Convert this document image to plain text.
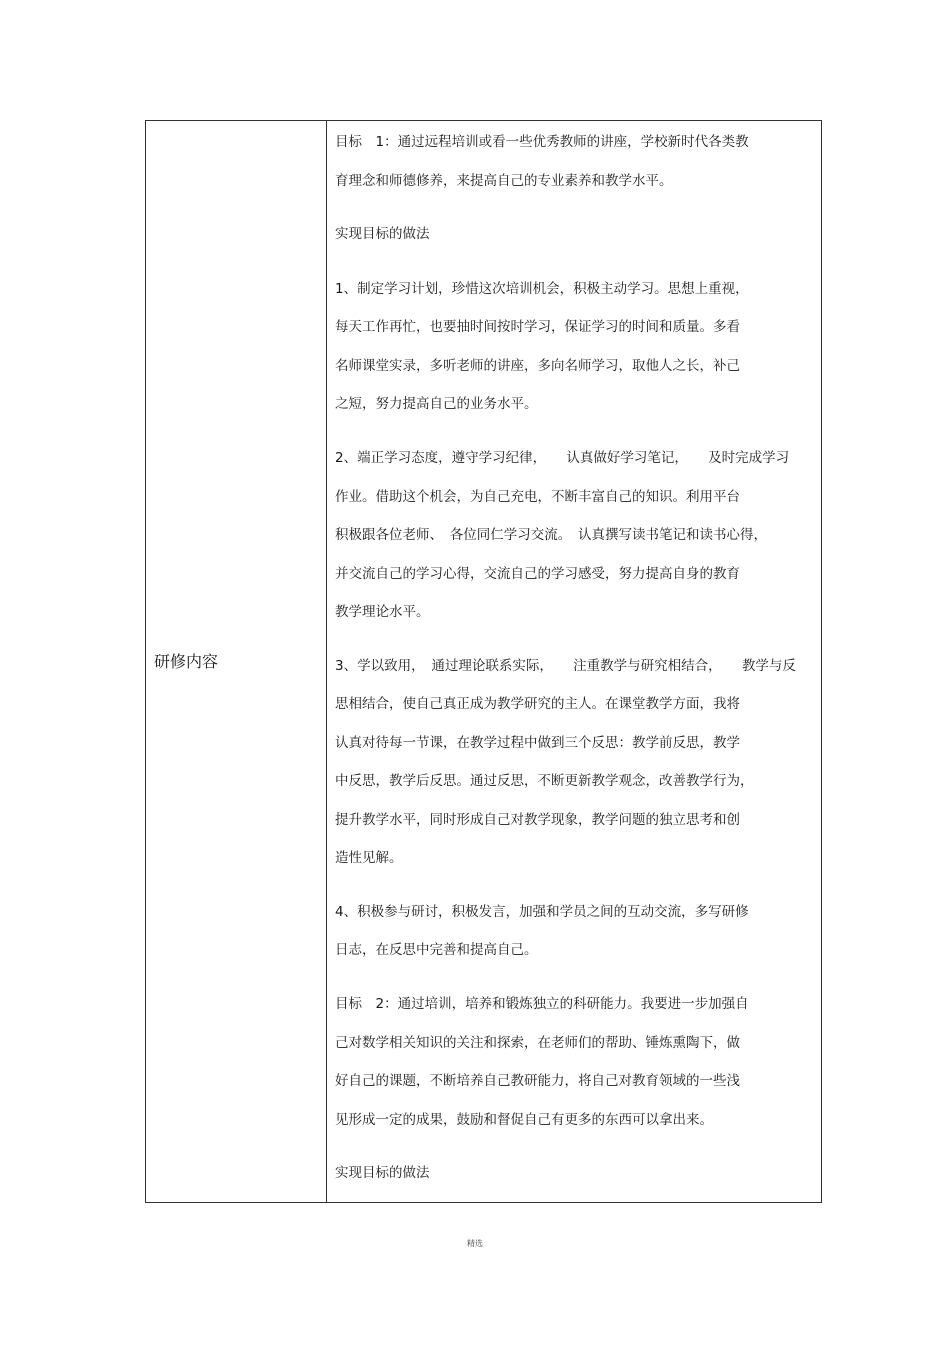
研修内容
目标　1：通过远程培训或看一些优秀教师的讲座，学校新时代各类教
育理念和师德修养，来提高自己的专业素养和教学水平。
实现目标的做法
1、制定学习计划，珍惜这次培训机会，积极主动学习。思想上重视，
每天工作再忙，也要抽时间按时学习，保证学习的时间和质量。多看
名师课堂实录，多听老师的讲座，多向名师学习，取他人之长，补己
之短，努力提高自己的业务水平。
2、端正学习态度，遵守学习纪律，　　认真做好学习笔记，　　及时完成学习
作业。借助这个机会，为自己充电，不断丰富自己的知识。利用平台
积极跟各位老师、　各位同仁学习交流。　认真撰写读书笔记和读书心得，
并交流自己的学习心得，交流自己的学习感受，努力提高自身的教育
教学理论水平。
3、学以致用，　通过理论联系实际，　　注重教学与研究相结合，　　教学与反
思相结合，使自己真正成为教学研究的主人。在课堂教学方面，我将
认真对待每一节课，在教学过程中做到三个反思：教学前反思，教学
中反思，教学后反思。通过反思，不断更新教学观念，改善教学行为，
提升教学水平，同时形成自己对教学现象，教学问题的独立思考和创
造性见解。
4、积极参与研讨，积极发言，加强和学员之间的互动交流，多写研修
日志，在反思中完善和提高自己。
目标　2：通过培训，培养和锻炼独立的科研能力。我要进一步加强自
己对数学相关知识的关注和探索，在老师们的帮助、锤炼熏陶下，做
好自己的课题，不断培养自己教研能力，将自己对教育领域的一些浅
见形成一定的成果，鼓励和督促自己有更多的东西可以拿出来。
实现目标的做法
精选
